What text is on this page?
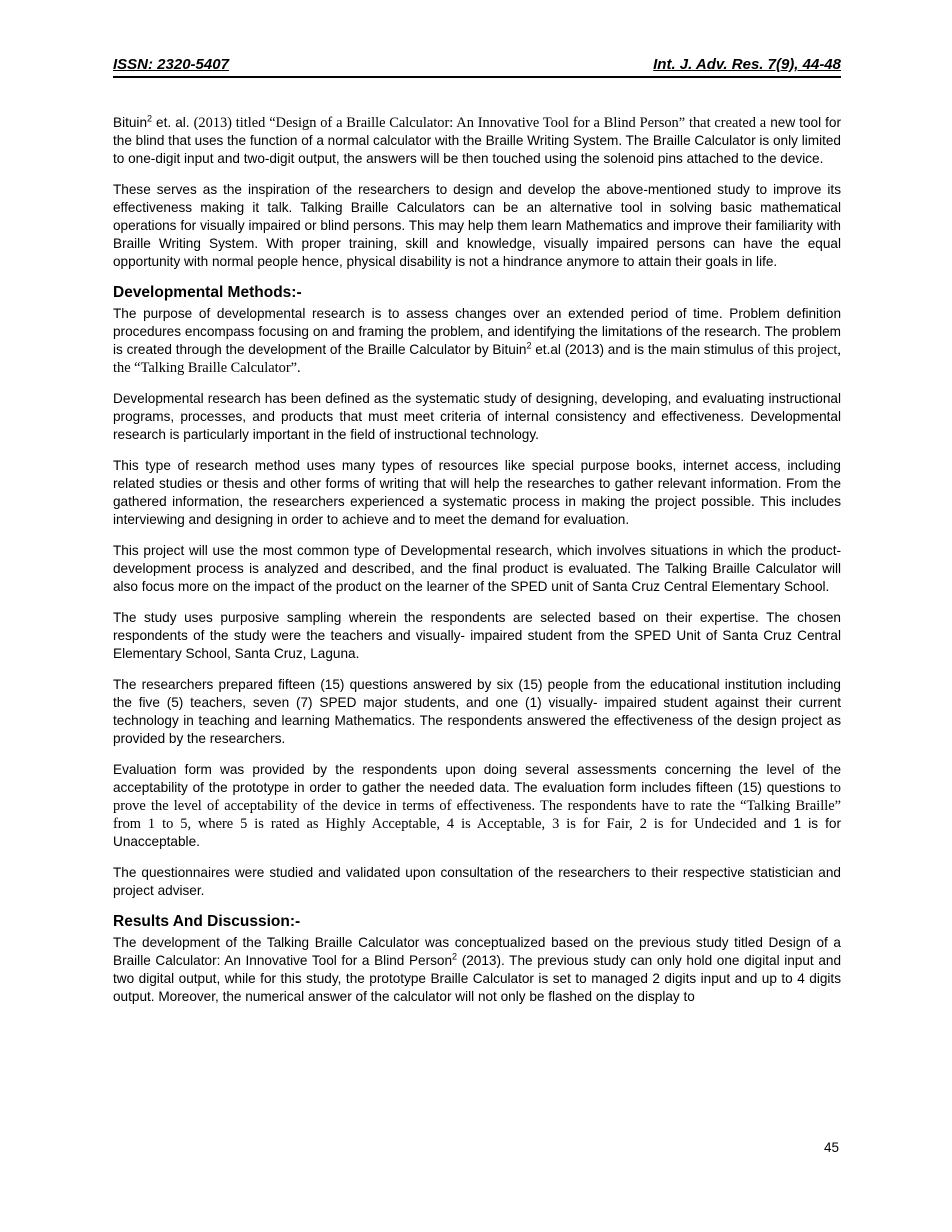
ISSN: 2320-5407	Int. J. Adv. Res. 7(9), 44-48

Bituin$^2$ et. al. (2013) titled “Design of a Braille Calculator: An Innovative Tool for a Blind Person” that created a new tool for the blind that uses the function of a normal calculator with the Braille Writing System. The Braille Calculator is only limited to one-digit input and two-digit output, the answers will be then touched using the solenoid pins attached to the device.

These serves as the inspiration of the researchers to design and develop the above-mentioned study to improve its effectiveness making it talk. Talking Braille Calculators can be an alternative tool in solving basic mathematical operations for visually impaired or blind persons. This may help them learn Mathematics and improve their familiarity with Braille Writing System. With proper training, skill and knowledge, visually impaired persons can have the equal opportunity with normal people hence, physical disability is not a hindrance anymore to attain their goals in life.

Developmental Methods:-

The purpose of developmental research is to assess changes over an extended period of time. Problem definition procedures encompass focusing on and framing the problem, and identifying the limitations of the research. The problem is created through the development of the Braille Calculator by Bituin$^2$ et.al (2013) and is the main stimulus of this project, the “Talking Braille Calculator”.

Developmental research has been defined as the systematic study of designing, developing, and evaluating instructional programs, processes, and products that must meet criteria of internal consistency and effectiveness. Developmental research is particularly important in the field of instructional technology.

This type of research method uses many types of resources like special purpose books, internet access, including related studies or thesis and other forms of writing that will help the researches to gather relevant information. From the gathered information, the researchers experienced a systematic process in making the project possible. This includes interviewing and designing in order to achieve and to meet the demand for evaluation.

This project will use the most common type of Developmental research, which involves situations in which the product-development process is analyzed and described, and the final product is evaluated. The Talking Braille Calculator will also focus more on the impact of the product on the learner of the SPED unit of Santa Cruz Central Elementary School.

The study uses purposive sampling wherein the respondents are selected based on their expertise. The chosen respondents of the study were the teachers and visually- impaired student from the SPED Unit of Santa Cruz Central Elementary School, Santa Cruz, Laguna.

The researchers prepared fifteen (15) questions answered by six (15) people from the educational institution including the five (5) teachers, seven (7) SPED major students, and one (1) visually- impaired student against their current technology in teaching and learning Mathematics. The respondents answered the effectiveness of the design project as provided by the researchers.

Evaluation form was provided by the respondents upon doing several assessments concerning the level of the acceptability of the prototype in order to gather the needed data. The evaluation form includes fifteen (15) questions to prove the level of acceptability of the device in terms of effectiveness. The respondents have to rate the “Talking Braille” from 1 to 5, where 5 is rated as Highly Acceptable, 4 is Acceptable, 3 is for Fair, 2 is for Undecided and 1 is for Unacceptable.

The questionnaires were studied and validated upon consultation of the researchers to their respective statistician and project adviser.

Results And Discussion:-

The development of the Talking Braille Calculator was conceptualized based on the previous study titled Design of a Braille Calculator: An Innovative Tool for a Blind Person$^2$ (2013). The previous study can only hold one digital input and two digital output, while for this study, the prototype Braille Calculator is set to managed 2 digits input and up to 4 digits output. Moreover, the numerical answer of the calculator will not only be flashed on the display to

45
